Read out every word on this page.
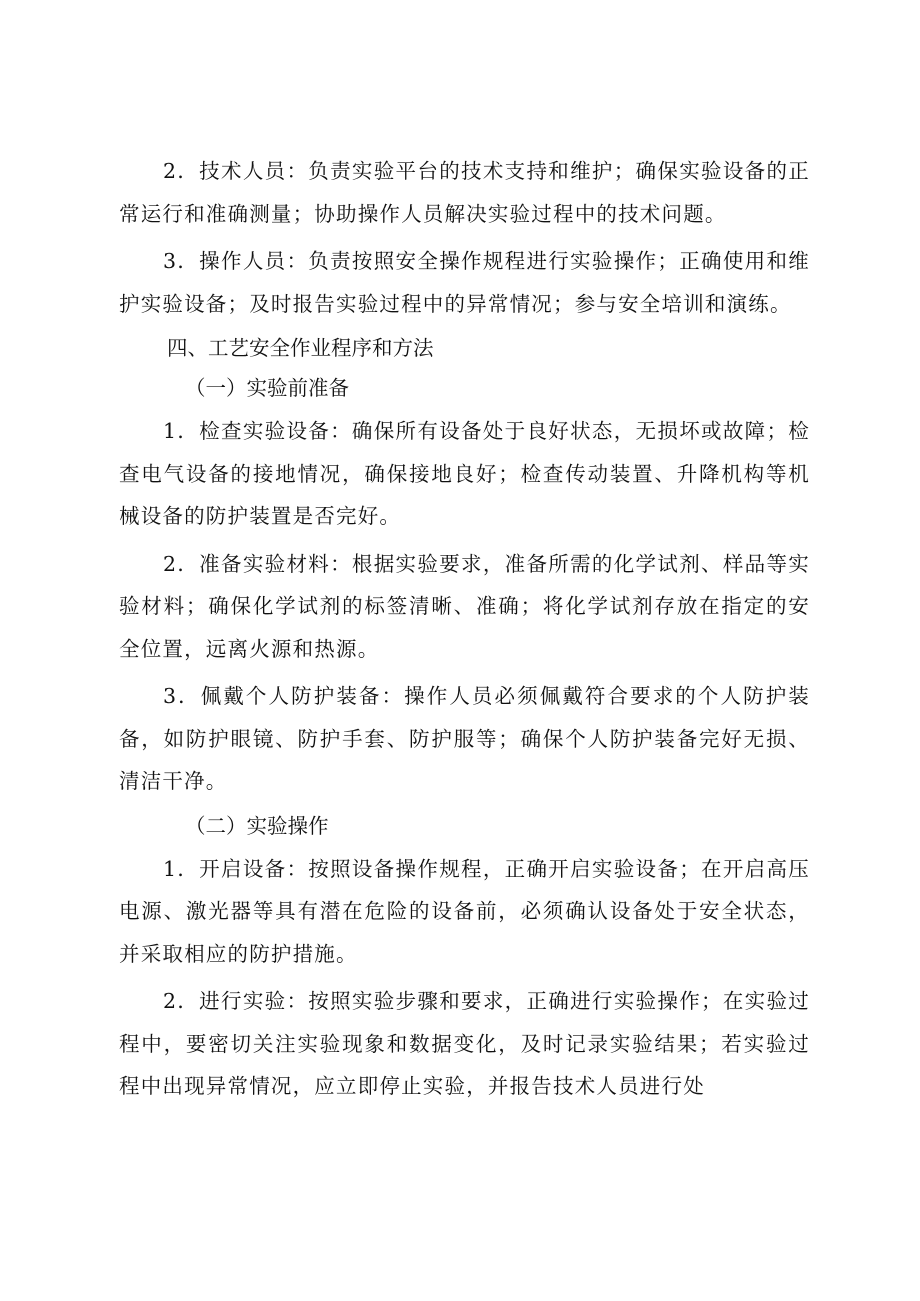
2．技术人员：负责实验平台的技术支持和维护；确保实验设备的正常运行和准确测量；协助操作人员解决实验过程中的技术问题。

3．操作人员：负责按照安全操作规程进行实验操作；正确使用和维护实验设备；及时报告实验过程中的异常情况；参与安全培训和演练。

四、工艺安全作业程序和方法
（一）实验前准备

1．检查实验设备：确保所有设备处于良好状态，无损坏或故障；检查电气设备的接地情况，确保接地良好；检查传动装置、升降机构等机械设备的防护装置是否完好。

2．准备实验材料：根据实验要求，准备所需的化学试剂、样品等实验材料；确保化学试剂的标签清晰、准确；将化学试剂存放在指定的安全位置，远离火源和热源。

3．佩戴个人防护装备：操作人员必须佩戴符合要求的个人防护装备，如防护眼镜、防护手套、防护服等；确保个人防护装备完好无损、清洁干净。

（二）实验操作

1．开启设备：按照设备操作规程，正确开启实验设备；在开启高压电源、激光器等具有潜在危险的设备前，必须确认设备处于安全状态，并采取相应的防护措施。

2．进行实验：按照实验步骤和要求，正确进行实验操作；在实验过程中，要密切关注实验现象和数据变化，及时记录实验结果；若实验过程中出现异常情况，应立即停止实验，并报告技术人员进行处
